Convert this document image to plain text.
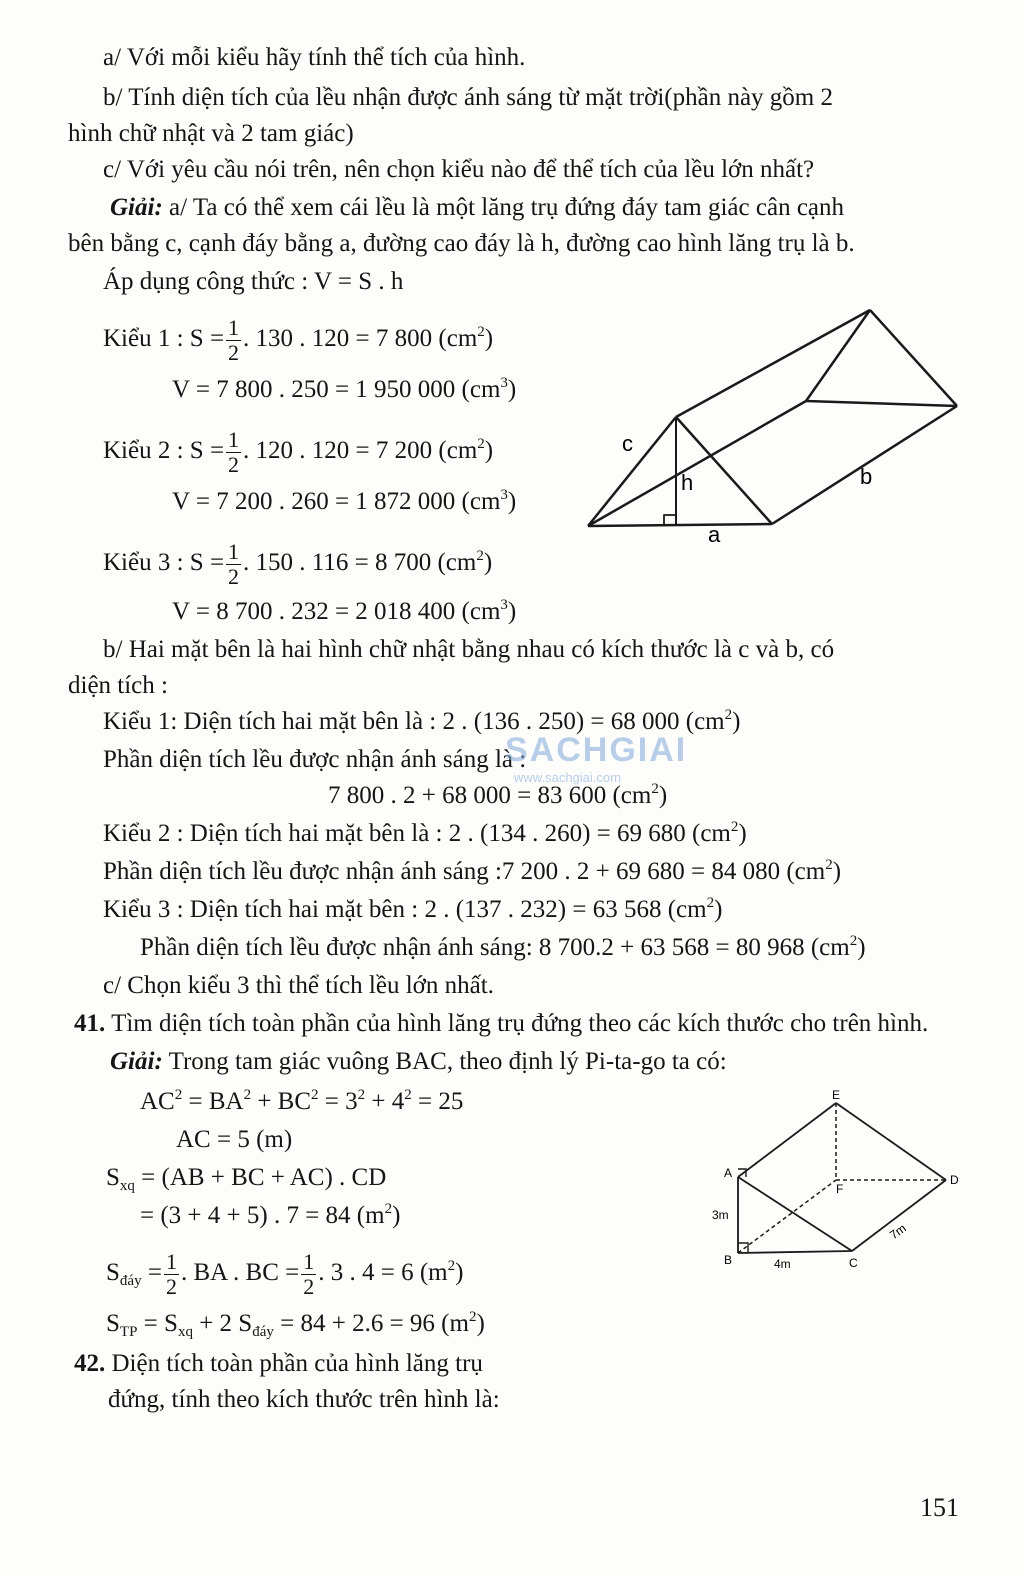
a/ Với mỗi kiểu hãy tính thể tích của hình.
b/ Tính diện tích của lều nhận được ánh sáng từ mặt trời(phần này gồm 2
hình chữ nhật và 2 tam giác)
c/ Với yêu cầu nói trên, nên chọn kiểu nào để thể tích của lều lớn nhất?
Giải: a/ Ta có thể xem cái lều là một lăng trụ đứng đáy tam giác cân cạnh
bên bằng c, cạnh đáy bằng a, đường cao đáy là h, đường cao hình lăng trụ là b.
Áp dụng công thức : V = S . h
Kiểu 1 : $S = \frac{1}{2}$ . 130 . 120 = 7 800 $(cm^2)$
V = 7 800 . 250 = 1 950 000 $(cm^3)$
Kiểu 2 : $S = \frac{1}{2}$ . 120 . 120 = 7 200 $(cm^2)$
V = 7 200 . 260 = 1 872 000 $(cm^3)$
Kiểu 3 : $S = \frac{1}{2}$ . 150 . 116 = 8 700 $(cm^2)$
V = 8 700 . 232 = 2 018 400 $(cm^3)$
c
h
a
b
b/ Hai mặt bên là hai hình chữ nhật bằng nhau có kích thước là c và b, có
diện tích :
Kiểu 1: Diện tích hai mặt bên là : 2 . (136 . 250) = 68 000 $(cm^2)$
Phần diện tích lều được nhận ánh sáng là :
7 800 . 2 + 68 000 = 83 600 $(cm^2)$
Kiểu 2 : Diện tích hai mặt bên là : 2 . (134 . 260) = 69 680 $(cm^2)$
Phần diện tích lều được nhận ánh sáng :7 200 . 2 + 69 680 = 84 080 $(cm^2)$
Kiểu 3 : Diện tích hai mặt bên : 2 . (137 . 232) = 63 568 $(cm^2)$
Phần diện tích lều được nhận ánh sáng: 8 700.2 + 63 568 = 80 968 $(cm^2)$
c/ Chọn kiểu 3 thì thể tích lều lớn nhất.
SACHGIAI
www.sachgiai.com
41. Tìm diện tích toàn phần của hình lăng trụ đứng theo các kích thước cho trên hình.
Giải: Trong tam giác vuông BAC, theo định lý Pi-ta-go ta có:
$AC^2 = BA^2 + BC^2 = 3^2 + 4^2 = 25$
AC = 5 (m)
$S_{xq} = (AB$ + BC + AC) . CD
= (3 + 4 + 5) . 7 = 84 $(m^2)$
$S_{đáy} = \frac{1}{2}$ . BA . BC = $\frac{1}{2}$ . 3 . 4 = 6 $(m^2)$
$S_{TP} = S_{xq} + 2$ $S_{đáy} = 84 + 2.6 = 96$ $(m^2)$
E
A	D
F
B	C
3m
4m
7m
42. Diện tích toàn phần của hình lăng trụ
đứng, tính theo kích thước trên hình là:
151
